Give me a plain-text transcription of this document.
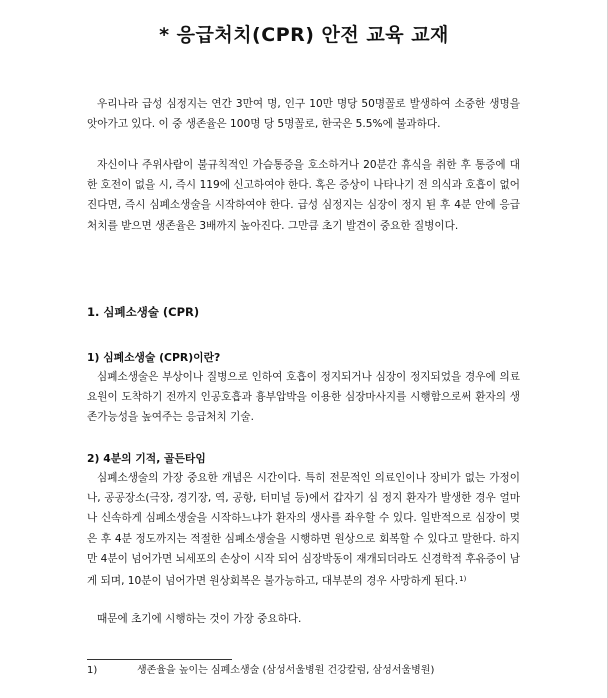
* 응급처치(CPR) 안전 교육 교재

우리나라 급성 심정지는 연간 3만여 명, 인구 10만 명당 50명꼴로 발생하여 소중한 생명을 앗아가고 있다. 이 중 생존율은 100명 당 5명꼴로, 한국은 5.5%에 불과하다.

자신이나 주위사람이 불규칙적인 가슴통증을 호소하거나 20분간 휴식을 취한 후 통증에 대한 호전이 없을 시, 즉시 119에 신고하여야 한다. 혹은 증상이 나타나기 전 의식과 호흡이 없어진다면, 즉시 심폐소생술을 시작하여야 한다. 급성 심정지는 심장이 정지 된 후 4분 안에 응급처치를 받으면 생존율은 3배까지 높아진다. 그만큼 초기 발견이 중요한 질병이다.

1. 심폐소생술 (CPR)
1) 심폐소생술 (CPR)이란?

심폐소생술은 부상이나 질병으로 인하여 호흡이 정지되거나 심장이 정지되었을 경우에 의료요원이 도착하기 전까지 인공호흡과 흉부압박을 이용한 심장마사지를 시행함으로써 환자의 생존가능성을 높여주는 응급처치 기술.

2) 4분의 기적, 골든타임

심폐소생술의 가장 중요한 개념은 시간이다. 특히 전문적인 의료인이나 장비가 없는 가정이나, 공공장소(극장, 경기장, 역, 공항, 터미널 등)에서 갑자기 심 정지 환자가 발생한 경우 얼마나 신속하게 심폐소생술을 시작하느냐가 환자의 생사를 좌우할 수 있다. 일반적으로 심장이 멎은 후 4분 정도까지는 적절한 심폐소생술을 시행하면 원상으로 회복할 수 있다고 말한다. 하지만 4분이 넘어가면 뇌세포의 손상이 시작 되어 심장박동이 재개되더라도 신경학적 후유증이 남게 되며, 10분이 넘어가면 원상회복은 불가능하고, 대부분의 경우 사망하게 된다.$^{1)}$

때문에 초기에 시행하는 것이 가장 중요하다.

1)	생존율을 높이는 심폐소생술 (삼성서울병원 건강칼럼, 삼성서울병원)
